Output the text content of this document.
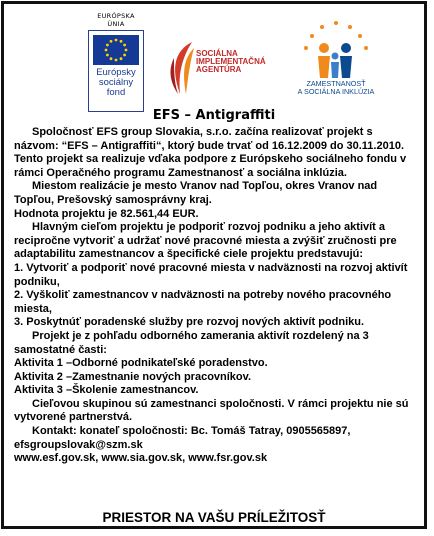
EURÓPSKA ÚNIA
Európsky
sociálny
fond
SOCIÁLNA
IMPLEMENTAČNÁ
AGENTÚRA
ZAMESTNANOSŤ
A SOCIÁLNA INKLÚZIA
EFS – Antigraffiti

Spoločnosť EFS group Slovakia, s.r.o. začína realizovať projekt s názvom: “EFS – Antigraffiti“, ktorý bude trvať od 16.12.2009 do 30.11.2010. Tento projekt sa realizuje vďaka podpore z Európskeho sociálneho fondu v rámci Operačného programu Zamestnanosť a sociálna inklúzia.

Miestom realizácie je mesto Vranov nad Topľou, okres Vranov nad Topľou, Prešovský samosprávny kraj.

Hodnota projektu je 82.561,44 EUR.

Hlavným cieľom projektu je podporiť rozvoj podniku a jeho aktivít a recipročne vytvoriť a udržať nové pracovné miesta a zvýšiť zručnosti pre adaptabilitu zamestnancov a špecifické ciele projektu predstavujú:

1. Vytvoriť a podporiť nové pracovné miesta v nadväznosti na rozvoj aktivít podniku,

2. Vyškoliť zamestnancov v nadväznosti na potreby nového pracovného miesta,

3. Poskytnúť poradenské služby pre rozvoj nových aktivít podniku.

Projekt je z pohľadu odborného zamerania aktivít rozdelený na 3 samostatné časti:

Aktivita 1 –Odborné podnikateľské poradenstvo.

Aktivita 2 –Zamestnanie nových pracovníkov.

Aktivita 3 –Školenie zamestnancov.

Cieľovou skupinou sú zamestnanci spoločnosti. V rámci projektu nie sú vytvorené partnerstvá.

Kontakt: konateľ spoločnosti: Bc. Tomáš Tatray, 0905565897, efsgroupslovak@szm.sk

www.esf.gov.sk, www.sia.gov.sk, www.fsr.gov.sk

PRIESTOR NA VAŠU PRÍLEŽITOSŤ
